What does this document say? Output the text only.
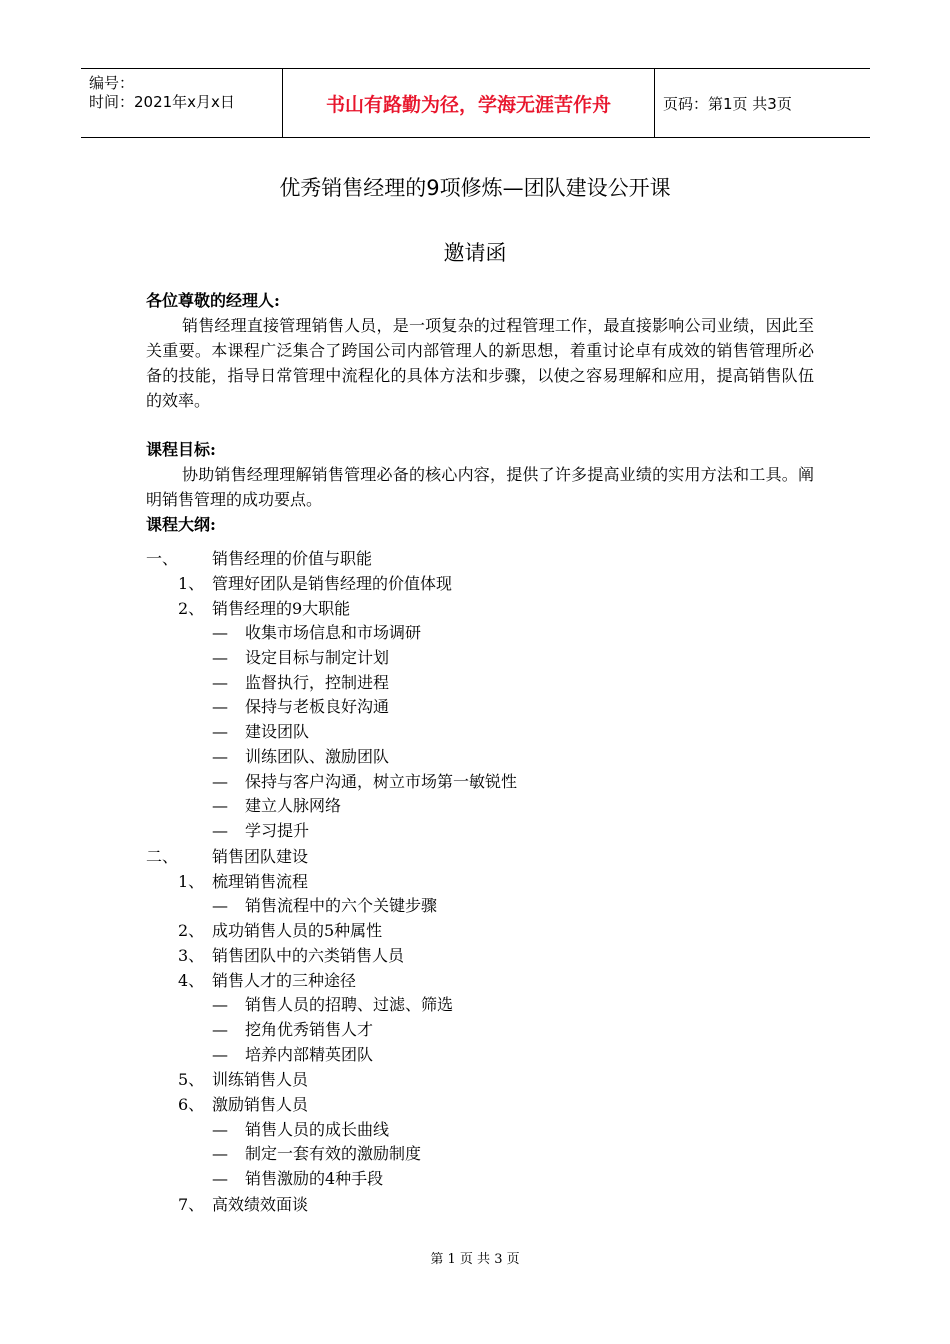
编号：
时间：2021年x月x日	书山有路勤为径，学海无涯苦作舟	页码：第1页 共3页
优秀销售经理的9项修炼—团队建设公开课
邀请函
各位尊敬的经理人:
销售经理直接管理销售人员，是一项复杂的过程管理工作，最直接影响公司业绩，因此至关重要。本课程广泛集合了跨国公司内部管理人的新思想，着重讨论卓有成效的销售管理所必备的技能，指导日常管理中流程化的具体方法和步骤，以使之容易理解和应用，提高销售队伍的效率。
课程目标:
协助销售经理理解销售管理必备的核心内容，提供了许多提高业绩的实用方法和工具。阐明销售管理的成功要点。
课程大纲:
一、 销售经理的价值与职能
1、 管理好团队是销售经理的价值体现
2、 销售经理的9大职能
— 收集市场信息和市场调研
— 设定目标与制定计划
— 监督执行，控制进程
— 保持与老板良好沟通
— 建设团队
— 训练团队、激励团队
— 保持与客户沟通，树立市场第一敏锐性
— 建立人脉网络
— 学习提升
二、 销售团队建设
1、 梳理销售流程
— 销售流程中的六个关键步骤
2、 成功销售人员的5种属性
3、 销售团队中的六类销售人员
4、 销售人才的三种途径
— 销售人员的招聘、过滤、筛选
— 挖角优秀销售人才
— 培养内部精英团队
5、 训练销售人员
6、 激励销售人员
— 销售人员的成长曲线
— 制定一套有效的激励制度
— 销售激励的4种手段
7、 高效绩效面谈
第 1 页 共 3 页
